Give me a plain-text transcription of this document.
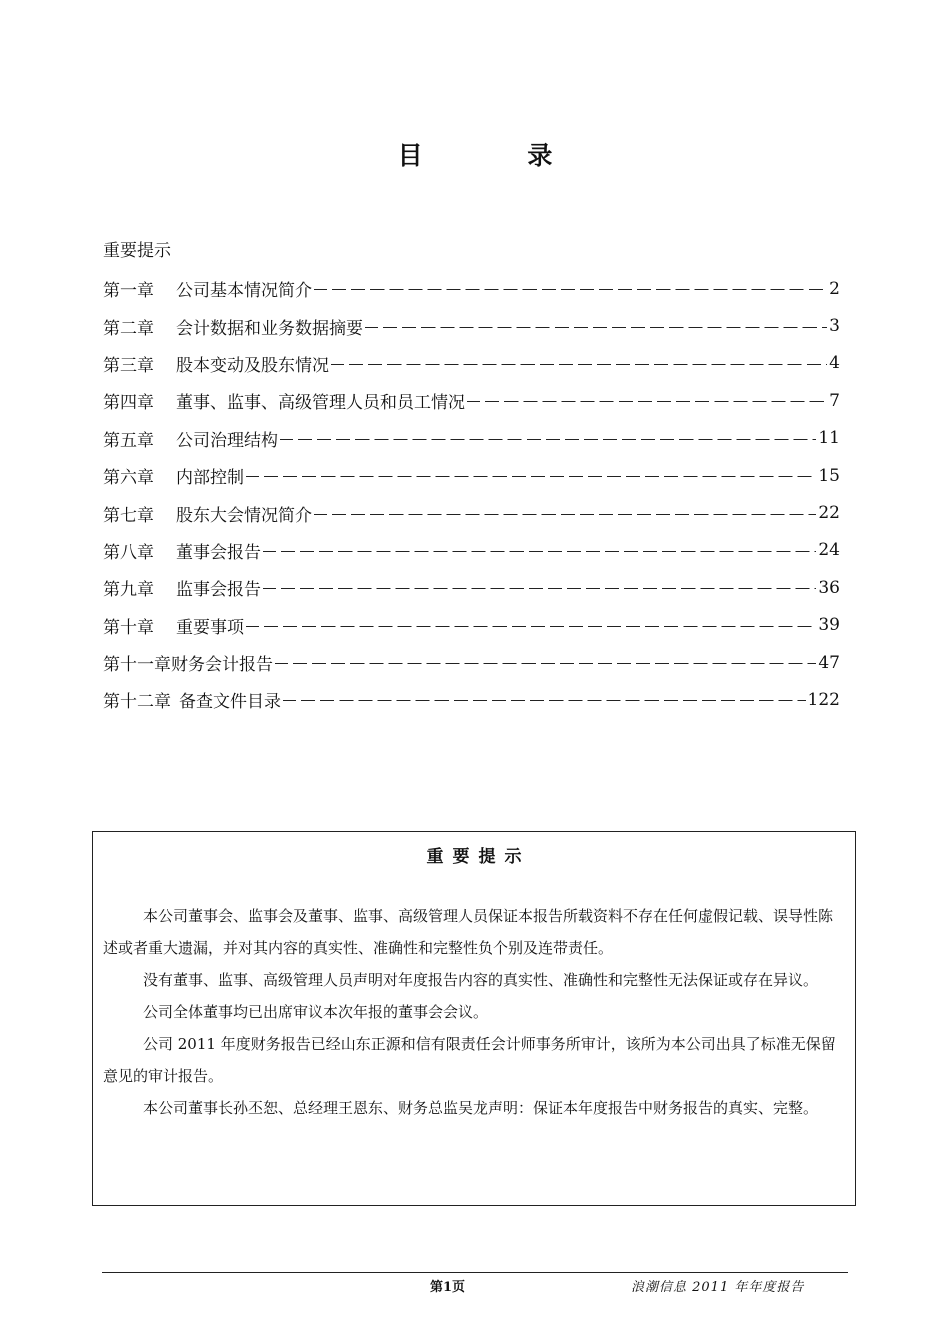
目 录
重要提示
第一章 公司基本情况简介	2
第二章 会计数据和业务数据摘要	3
第三章 股本变动及股东情况	4
第四章 董事、监事、高级管理人员和员工情况	7
第五章 公司治理结构	11
第六章 内部控制	15
第七章 股东大会情况简介	22
第八章 董事会报告	24
第九章 监事会报告	36
第十章 重要事项	39
第十一章 财务会计报告	47
第十二章 备查文件目录	122
重要提示

本公司董事会、监事会及董事、监事、高级管理人员保证本报告所载资料不存在任何虚假记载、误导性陈述或者重大遗漏，并对其内容的真实性、准确性和完整性负个别及连带责任。

没有董事、监事、高级管理人员声明对年度报告内容的真实性、准确性和完整性无法保证或存在异议。

公司全体董事均已出席审议本次年报的董事会会议。

公司 2011 年度财务报告已经山东正源和信有限责任会计师事务所审计，该所为本公司出具了标准无保留意见的审计报告。

本公司董事长孙丕恕、总经理王恩东、财务总监吴龙声明：保证本年度报告中财务报告的真实、完整。

第1页	浪潮信息 2011 年年度报告
